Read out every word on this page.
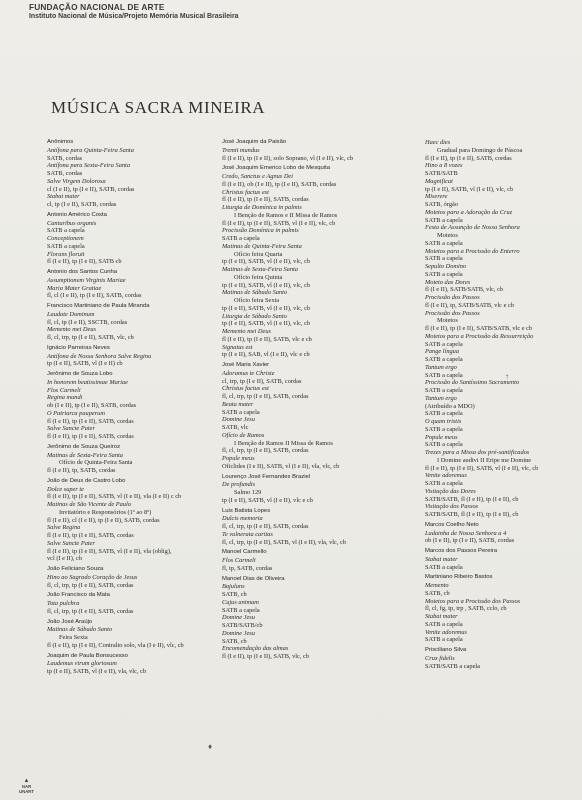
FUNDAÇÃO NACIONAL DE ARTE
Instituto Nacional de Música/Projeto Memória Musical Brasileira
MÚSICA SACRA MINEIRA
Anônimos
Antífona para Quinta-Feira Santa
SATB, cordas
Antífona para Sexta-Feira Santa
SATB, cordas
Salve Virgem Dolorosa
cl (I e II), tp (I e II), SATB, cordas
Stabat mater
cl, tp (I e II), SATB, cordas
Antonio Américo Costa
Canturibus organis
SATB a capela
Conceptionem
SATB a capela
Florans floruit
fl (I e II), tp (I e II), SATB cb
Antonio dos Santos Cunha
Assumptionem Virginis Mariae
Maria Mater Gratiae
fl, cl (I e II), tp (I e II), SATB, cordas
Francisco Martiniano de Paula Miranda
Laudate Dominum
fl, cl, tp (I e II), SSCTB, cordas
Memento mei Deus
fl, cl, trp, tp (I e II), SATB, vlc, cb
Ignácio Parreiras Neves
Antífona de Nossa Senhora Salve Regina
tp (I e II), SATB, vl (I e II) cb
Jerônimo de Souza Lobo
In honorem beatissimae Mariae
Flos Carmeli
Regina mundi
ob (I e II), tp (I e II), SATB, cordas
O Patriarca pauperum
fl (I e II), tp (I e II), SATB, cordas
Salve Sancte Pater
fl (I e II), tp (I e II), SATB, cordas
Jerônimo de Souza Queiroz
Matinas de Sexta-Feira Santa
Ofício de Quinta-Feira Santa
fl (I e II), tp, SATB, cordas
João de Deus de Castro Lobo
Dolce super te
fl (I e II), tp (I e II), SATB, vl (I e II), vla (I e II) c cb
Matinas de São Vicente de Paulo
Invitatório e Responsórios (1º ao 8º)
fl (I e II), cl (I e II), tp (I e II), SATB, cordas
Salve Regina
fl (I e II), tp (I e II), SATB, cordas
Salve Sancte Pater
fl (I e II), tp (I e II), SATB, vl (I e II), vla (oblig),
vcl (I e II), cb
João Feliciano Souza
Hino ao Sagrado Coração de Jesus
fl, cl, trp, tp (I e II), SATB, cordas
João Francisco da Mata
Tota pulchra
fl, cl, trp, tp (I e II), SATB, cordas
João José Araújo
Matinas de Sábado Santo
Feira Sexta
fl (I e II), tp (I e II), Contralto solo, vla (I e II), vlc, cb
Joaquim de Paula Bonsucesso
Laudemus virum gloriosum
tp (I e II), SATB, vl (I e II), vla, vlc, cb
José Joaquim da Paixão
Tremit mundus
fl (I e II), tp (I e II), solo Soprano, vl (I e II), vlc, cb
José Joaquim Emerico Lobo de Mesquita
Credo, Sanctus e Agnus Dei
fl (I e II), ob (I e II), tp (I e II), SATB, cordas
Christus factus est
fl (I e II), tp (I e II), SATB, cordas
Liturgia de Domínica in palmis
I Benção de Ramos e II Missa de Ramos
fl (I e II), tp (I e II), SATB, vl (I e II), vlc, cb
Procissão Domínica in palmis
SATB a capela
Matinas de Quinta-Feira Santa
Ofício feira Quarta
tp (I e II), SATB, vl (I e II), vlc, cb
Matinas de Sexta-Feira Santa
Ofício feira Quinta
tp (I e II), SATB, vl (I e II), vlc, cb
Matinas de Sábado Santo
Ofício feira Sexta
tp (I e II), SATB, vl (I e II), vlc, cb
Liturgia de Sábado Santo
tp (I e II), SATB, vl (I e II), vlc, cb
Memento mei Deus
fl (I e II), tp (I e II), SATB, vlc e cb
Signatus est
tp (I e II), SAB, vl (I e II), vlc e cb
José Maria Xavier
Adoramus te Christe
cl, trp, tp (I e II), SATB, cordas
Christus factus est
fl, cl, trp, tp (I e II), SATB, cordas
Beata mater
SATB a capela
Domine Jesu
SATB, vlc
Ofício de Ramos
I Benção de Ramos II Missa de Ramos
fl, cl, trp, tp (I e II), SATB, cordas
Popule meus
Oficlides (I e II), SATB, vl (I e II), vla, vlc, cb
Lourenço José Fernandes Braziel
De profundis
Salmo 129
tp (I e II), SATB, vl (I e II), vlc e cb
Luis Batista Lopes
Dulcis memoria
fl, cl, trp, tp (I e II), SATB, cordas
Te vulnerata caritas
fl, cl, trp, tp (I e II), SATB, vl (I e II), vla, vlc, cb
Manoel Carmello
Flos Carmeli
fl, tp, SATB, cordas
Manoel Dias de Oliveira
Bajulans
SATB, cb
Cujus animam
SATB a capela
Domine Jesu
SATB/SATB/cb
Domine Jesu
SATB, cb
Encomendação das almas
fl (I e II), tp (I e II), SATB, vlc, cb
Haec dies
Gradual para Domingo de Páscoa
fl (I e II), tp (I e II), SATB, cordas
Hino a 8 vozes
SATB/SATB
Magnificat
tp (I e II), SATB, vl (I e II), vlc, cb
Miserere
SATB, órgão
Motetos para a Adoração da Cruz
SATB a capela
Festa de Assunção de Nossa Senhora
Motetos
SATB a capela
Motetos para a Procissão do Enterro
SATB a capela
Sepulto Domino
SATB a capela
Moteto das Dores
fl (I e II), SATB/SATB, vlc, cb
Procissão dos Passos
fl (I e II), tp, SATB/SATB, vlc e cb
Procissão dos Passos
Motetos
fl (I e II), tp (I e II), SATB/SATB, vlc e cb
Motetos para a Procissão da Ressurreição
SATB a capela
Pange língua
SATB a capela
Tantum ergo
SATB a capela
Procissão do Santíssimo Sacramento
SATB a capela
Tantum ergo
(Atribuído a MDO)
SATB a capela
O quam tristis
SATB a capela
Popule meus
SATB a capela
Trezes para a Missa dos pré-santificados
I Domine audivi II Eripe me Domine
fl (I e II), tp (I e II), SATB, vl (I e II), vlc, cb
Venite adoremus
SATB a capela
Visitação das Dores
SATB/SATB, fl (I e II), tp (I e II), cb
Visitação dos Passos
SATB/SATB, fl (I e II), tp (I e II), cb
Marcos Coelho Neto
Ladainha de Nossa Senhora a 4
ob (I e II), tp (I e II), SATB, cordas
Marcos dos Passos Pereira
Stabat mater
SATB a capela
Martiniano Ribeiro Bastos
Memento
SATB, cb
Motetos para a Procissão dos Passos
fl, cl, fg, tp, trp , SATB, cclo, cb
Stabat mater
SATB a capela
Venite adoremus
SATB a capela
Prisciliano Silva
Crux fidelis
SATB/SATB a capela
♦
↑
▲
NAR
UNART
